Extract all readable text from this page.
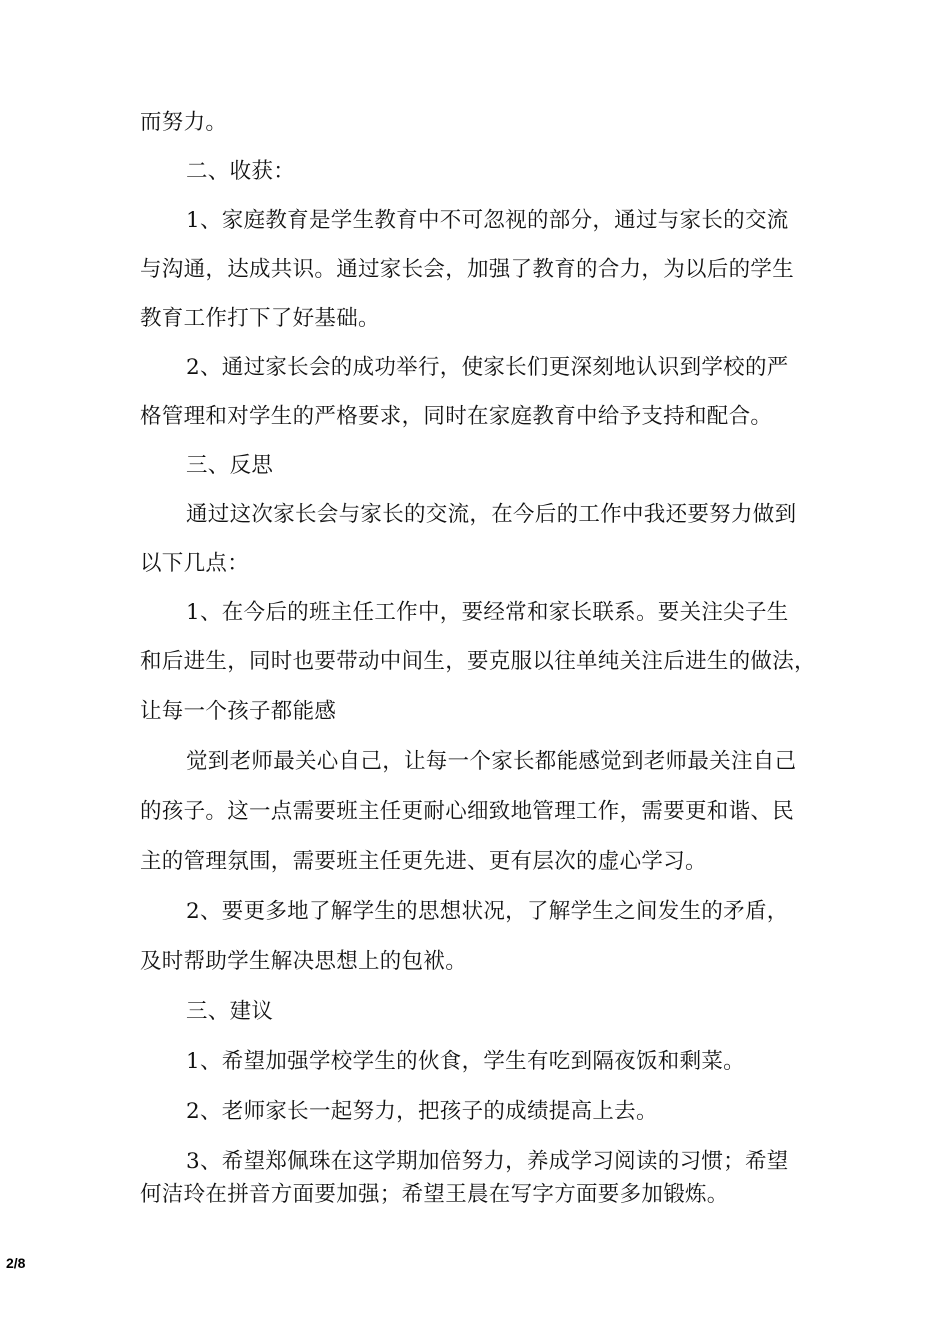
而努力。
二、收获：
1、家庭教育是学生教育中不可忽视的部分，通过与家长的交流
与沟通，达成共识。通过家长会，加强了教育的合力，为以后的学生
教育工作打下了好基础。
2、通过家长会的成功举行，使家长们更深刻地认识到学校的严
格管理和对学生的严格要求，同时在家庭教育中给予支持和配合。
三、反思
通过这次家长会与家长的交流，在今后的工作中我还要努力做到
以下几点：
1、在今后的班主任工作中，要经常和家长联系。要关注尖子生
和后进生，同时也要带动中间生，要克服以往单纯关注后进生的做法，
让每一个孩子都能感
觉到老师最关心自己，让每一个家长都能感觉到老师最关注自己
的孩子。这一点需要班主任更耐心细致地管理工作，需要更和谐、民
主的管理氛围，需要班主任更先进、更有层次的虚心学习。
2、要更多地了解学生的思想状况，了解学生之间发生的矛盾，
及时帮助学生解决思想上的包袱。
三、建议
1、希望加强学校学生的伙食，学生有吃到隔夜饭和剩菜。
2、老师家长一起努力，把孩子的成绩提高上去。
3、希望郑佩珠在这学期加倍努力，养成学习阅读的习惯；希望
何洁玲在拼音方面要加强；希望王晨在写字方面要多加锻炼。
2/8
